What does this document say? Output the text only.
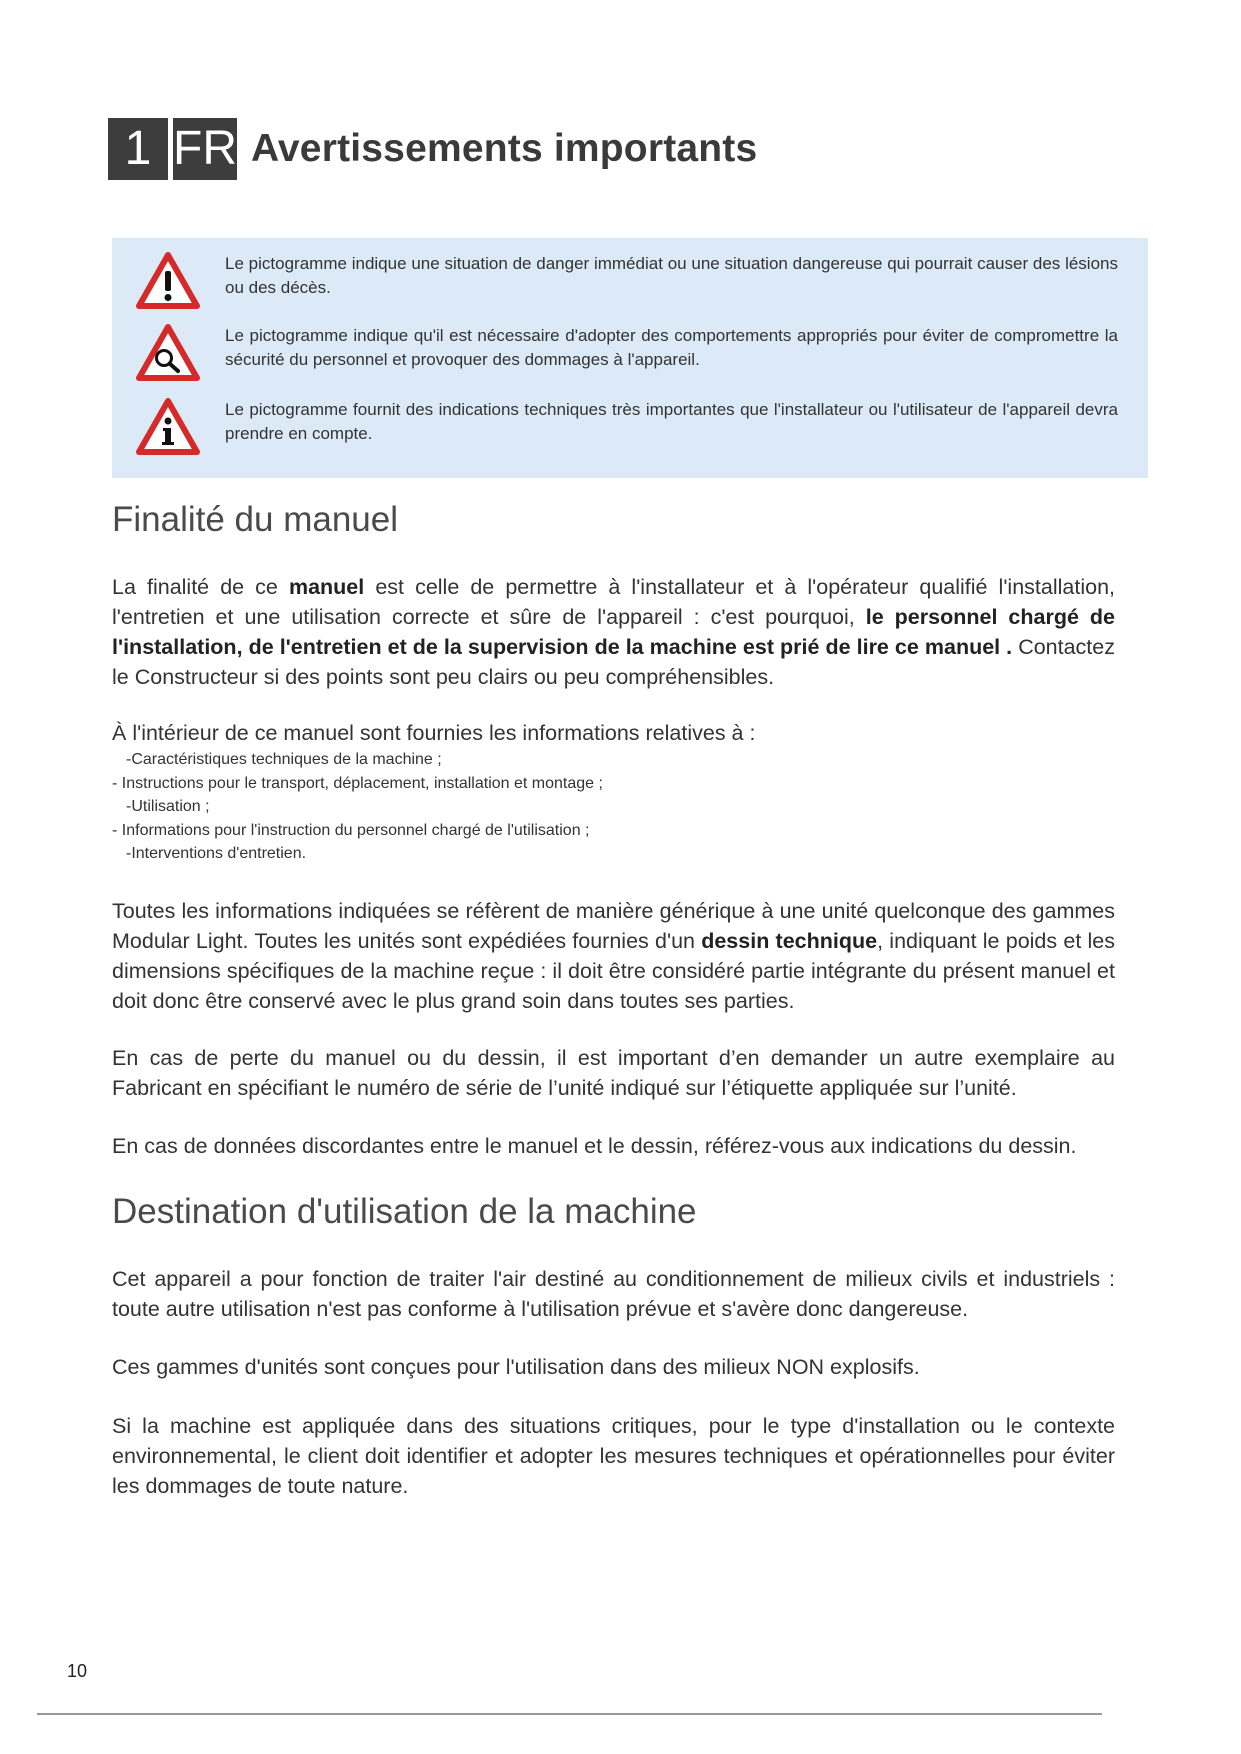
1 FR Avertissements importants
Le pictogramme indique une situation de danger immédiat ou une situation dangereuse qui pourrait causer des lésions ou des décès.
Le pictogramme indique qu'il est nécessaire d'adopter des comportements appropriés pour éviter de compromettre la sécurité du personnel et provoquer des dommages à l'appareil.
Le pictogramme fournit des indications techniques très importantes que l'installateur ou l'utilisateur de l'appareil devra prendre en compte.
Finalité du manuel

La finalité de ce manuel est celle de permettre à l'installateur et à l'opérateur qualifié l'installation, l'entretien et une utilisation correcte et sûre de l'appareil : c'est pourquoi, le personnel chargé de l'installation, de l'entretien et de la supervision de la machine est prié de lire ce manuel . Contactez le Constructeur si des points sont peu clairs ou peu compréhensibles.

À l'intérieur de ce manuel sont fournies les informations relatives à :

-Caractéristiques techniques de la machine ;
- Instructions pour le transport, déplacement, installation et montage ;
-Utilisation ;
- Informations pour l'instruction du personnel chargé de l'utilisation ;
-Interventions d'entretien.

Toutes les informations indiquées se réfèrent de manière générique à une unité quelconque des gammes Modular Light. Toutes les unités sont expédiées fournies d'un dessin technique, indiquant le poids et les dimensions spécifiques de la machine reçue : il doit être considéré partie intégrante du présent manuel et doit donc être conservé avec le plus grand soin dans toutes ses parties.

En cas de perte du manuel ou du dessin, il est important d’en demander un autre exemplaire au Fabricant en spécifiant le numéro de série de l’unité indiqué sur l’étiquette appliquée sur l’unité.

En cas de données discordantes entre le manuel et le dessin, référez-vous aux indications du dessin.

Destination d'utilisation de la machine

Cet appareil a pour fonction de traiter l'air destiné au conditionnement de milieux civils et industriels : toute autre utilisation n'est pas conforme à l'utilisation prévue et s'avère donc dangereuse.

Ces gammes d'unités sont conçues pour l'utilisation dans des milieux NON explosifs.

Si la machine est appliquée dans des situations critiques, pour le type d'installation ou le contexte environnemental, le client doit identifier et adopter les mesures techniques et opérationnelles pour éviter les dommages de toute nature.

10
